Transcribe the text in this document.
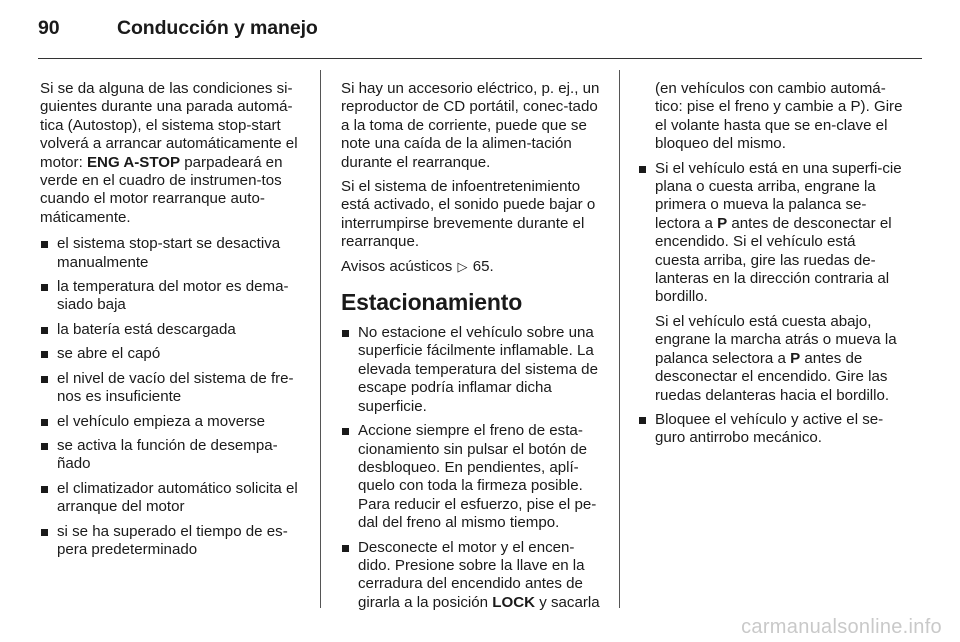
90	Conducción y manejo

Si se da alguna de las condiciones si-guientes durante una parada automá-tica (Autostop), el sistema stop-start volverá a arrancar automáticamente el motor: ENG A-STOP parpadeará en verde en el cuadro de instrumen-tos cuando el motor rearranque auto-máticamente.

el sistema stop-start se desactiva manualmente
la temperatura del motor es dema-siado baja
la batería está descargada
se abre el capó
el nivel de vacío del sistema de fre-nos es insuficiente
el vehículo empieza a moverse
se activa la función de desempa-ñado
el climatizador automático solicita el arranque del motor
si se ha superado el tiempo de es-pera predeterminado

Si hay un accesorio eléctrico, p. ej., un reproductor de CD portátil, conec-tado a la toma de corriente, puede que se note una caída de la alimen-tación durante el rearranque.

Si el sistema de infoentretenimiento está activado, el sonido puede bajar o interrumpirse brevemente durante el rearranque.

Avisos acústicos ▷ 65.

Estacionamiento
No estacione el vehículo sobre una superficie fácilmente inflamable. La elevada temperatura del sistema de escape podría inflamar dicha superficie.
Accione siempre el freno de esta-cionamiento sin pulsar el botón de desbloqueo. En pendientes, aplí-quelo con toda la firmeza posible. Para reducir el esfuerzo, pise el pe-dal del freno al mismo tiempo.
Desconecte el motor y el encen-dido. Presione sobre la llave en la cerradura del encendido antes de girarla a la posición LOCK y sacarla

(en vehículos con cambio automá-tico: pise el freno y cambie a P). Gire el volante hasta que se en-clave el bloqueo del mismo.

Si el vehículo está en una superfi-cie plana o cuesta arriba, engrane la primera o mueva la palanca se-lectora a P antes de desconectar el encendido. Si el vehículo está cuesta arriba, gire las ruedas de-lanteras en la dirección contraria al bordillo.
Si el vehículo está cuesta abajo, engrane la marcha atrás o mueva la palanca selectora a P antes de desconectar el encendido. Gire las ruedas delanteras hacia el bordillo.
Bloquee el vehículo y active el se-guro antirrobo mecánico.
carmanualsonline.info
